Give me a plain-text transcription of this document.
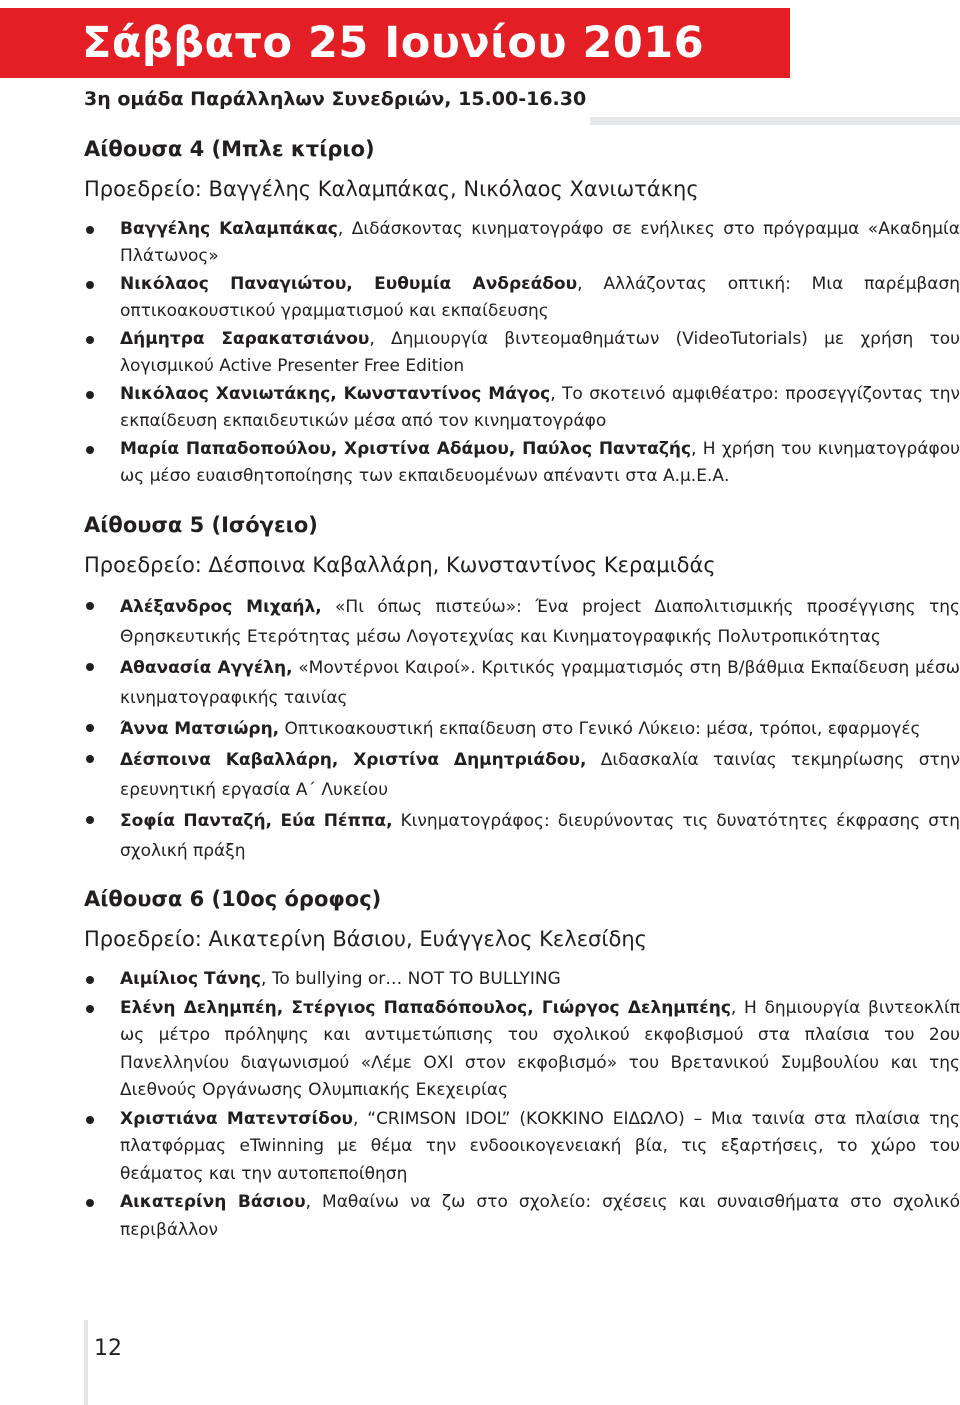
Σάββατο 25 Ιουνίου 2016
3η ομάδα Παράλληλων Συνεδριών, 15.00-16.30
Αίθουσα 4 (Μπλε κτίριο)
Προεδρείο: Βαγγέλης Καλαμπάκας, Νικόλαος Χανιωτάκης
Βαγγέλης Καλαμπάκας, Διδάσκοντας κινηματογράφο σε ενήλικες στο πρόγραμμα «Ακαδημία Πλάτωνος»
Νικόλαος Παναγιώτου, Ευθυμία Ανδρεάδου, Αλλάζοντας οπτική: Μια παρέμβαση οπτικοακουστικού γραμματισμού και εκπαίδευσης
Δήμητρα Σαρακατσιάνου, Δημιουργία βιντεομαθημάτων (VideoTutorials) με χρήση του λογισμικού Active Presenter Free Edition
Νικόλαος Χανιωτάκης, Κωνσταντίνος Μάγος, Το σκοτεινό αμφιθέατρο: προσεγγίζοντας την εκπαίδευση εκπαιδευτικών μέσα από τον κινηματογράφο
Μαρία Παπαδοπούλου, Χριστίνα Αδάμου, Παύλος Πανταζής, Η χρήση του κινηματογράφου ως μέσο ευαισθητοποίησης των εκπαιδευομένων απέναντι στα Α.μ.Ε.Α.
Αίθουσα 5 (Ισόγειο)
Προεδρείο: Δέσποινα Καβαλλάρη, Κωνσταντίνος Κεραμιδάς
Αλέξανδρος Μιχαήλ, «Πι όπως πιστεύω»: Ένα project Διαπολιτισμικής προσέγγισης της Θρησκευτικής Ετερότητας μέσω Λογοτεχνίας και Κινηματογραφικής Πολυτροπικότητας
Αθανασία Αγγέλη, «Μοντέρνοι Καιροί». Κριτικός γραμματισμός στη Β/βάθμια Εκπαίδευση μέσω κινηματογραφικής ταινίας
Άννα Ματσιώρη, Οπτικοακουστική εκπαίδευση στο Γενικό Λύκειο: μέσα, τρόποι, εφαρμογές
Δέσποινα Καβαλλάρη, Χριστίνα Δημητριάδου, Διδασκαλία ταινίας τεκμηρίωσης στην ερευνητική εργασία Α΄ Λυκείου
Σοφία Πανταζή, Εύα Πέππα, Κινηματογράφος: διευρύνοντας τις δυνατότητες έκφρασης στη σχολική πράξη
Αίθουσα 6 (10ος όροφος)
Προεδρείο: Αικατερίνη Βάσιου, Ευάγγελος Κελεσίδης
Αιμίλιος Τάνης, To bullying or… NOT TO BULLYING
Ελένη Δελημπέη, Στέργιος Παπαδόπουλος, Γιώργος Δελημπέης, Η δημιουργία βιντεοκλίπ ως μέτρο πρόληψης και αντιμετώπισης του σχολικού εκφοβισμού στα πλαίσια του 2ου Πανελληνίου διαγωνισμού «Λέμε ΟΧΙ στον εκφοβισμό» του Βρετανικού Συμβουλίου και της Διεθνούς Οργάνωσης Ολυμπιακής Εκεχειρίας
Χριστιάνα Ματεντσίδου, “CRIMSON IDOL” (ΚΟΚΚΙΝΟ ΕΙΔΩΛΟ) – Μια ταινία στα πλαίσια της πλατφόρμας eTwinning με θέμα την ενδοοικογενειακή βία, τις εξαρτήσεις, το χώρο του θεάματος και την αυτοπεποίθηση
Αικατερίνη Βάσιου, Μαθαίνω να ζω στο σχολείο: σχέσεις και συναισθήματα στο σχολικό περιβάλλον
12
